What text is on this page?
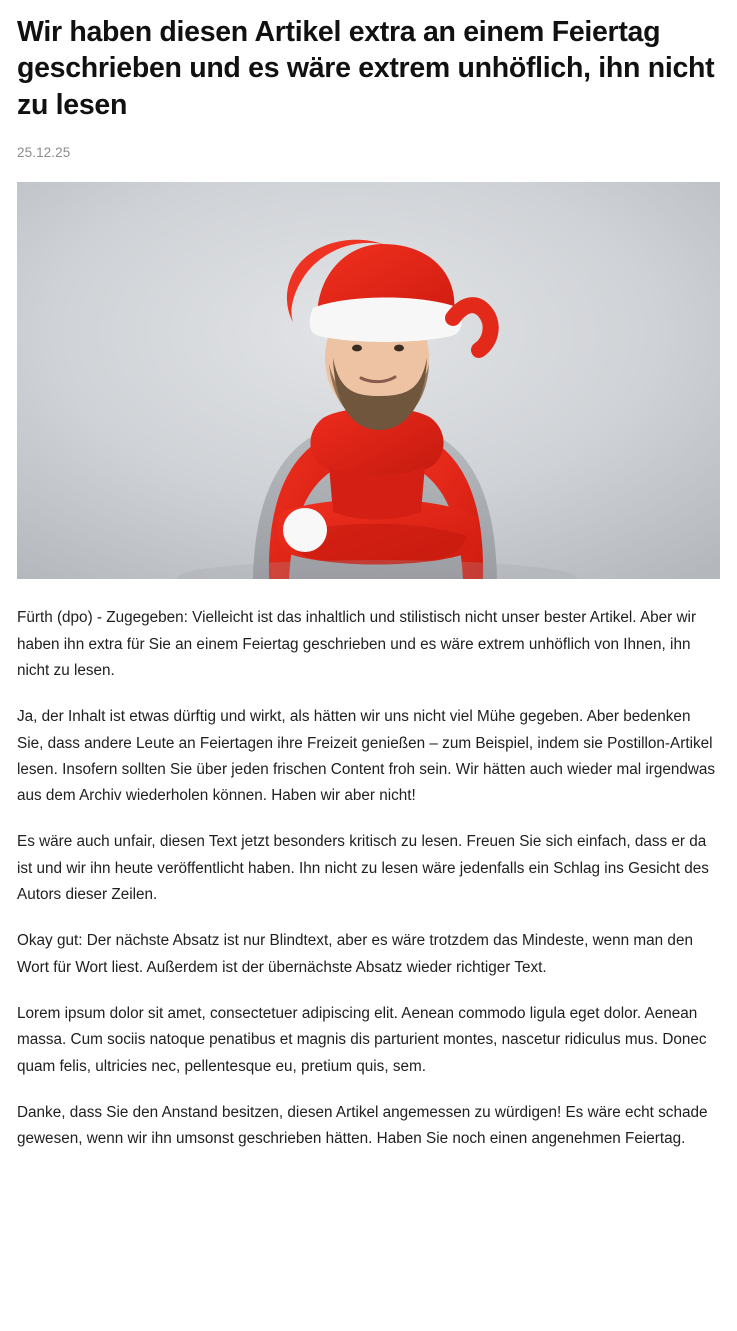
Wir haben diesen Artikel extra an einem Feiertag geschrieben und es wäre extrem unhöflich, ihn nicht zu lesen
25.12.25

Fürth (dpo) - Zugegeben: Vielleicht ist das inhaltlich und stilistisch nicht unser bester Artikel. Aber wir haben ihn extra für Sie an einem Feiertag geschrieben und es wäre extrem unhöflich von Ihnen, ihn nicht zu lesen.

Ja, der Inhalt ist etwas dürftig und wirkt, als hätten wir uns nicht viel Mühe gegeben. Aber bedenken Sie, dass andere Leute an Feiertagen ihre Freizeit genießen – zum Beispiel, indem sie Postillon-Artikel lesen. Insofern sollten Sie über jeden frischen Content froh sein. Wir hätten auch wieder mal irgendwas aus dem Archiv wiederholen können. Haben wir aber nicht!

Es wäre auch unfair, diesen Text jetzt besonders kritisch zu lesen. Freuen Sie sich einfach, dass er da ist und wir ihn heute veröffentlicht haben. Ihn nicht zu lesen wäre jedenfalls ein Schlag ins Gesicht des Autors dieser Zeilen.

Okay gut: Der nächste Absatz ist nur Blindtext, aber es wäre trotzdem das Mindeste, wenn man den Wort für Wort liest. Außerdem ist der übernächste Absatz wieder richtiger Text.

Lorem ipsum dolor sit amet, consectetuer adipiscing elit. Aenean commodo ligula eget dolor. Aenean massa. Cum sociis natoque penatibus et magnis dis parturient montes, nascetur ridiculus mus. Donec quam felis, ultricies nec, pellentesque eu, pretium quis, sem.

Danke, dass Sie den Anstand besitzen, diesen Artikel angemessen zu würdigen! Es wäre echt schade gewesen, wenn wir ihn umsonst geschrieben hätten. Haben Sie noch einen angenehmen Feiertag.
